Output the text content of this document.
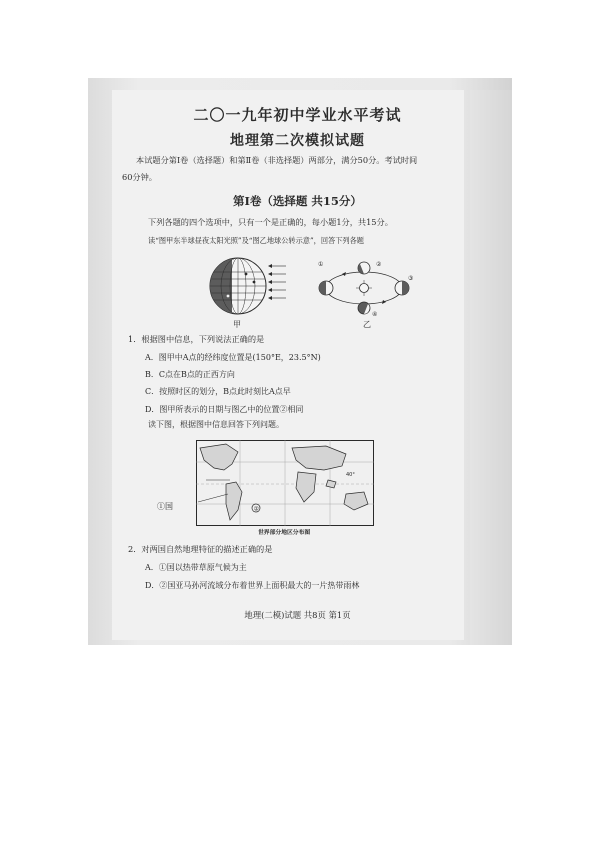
二〇一九年初中学业水平考试
地理第二次模拟试题
本试题分第Ⅰ卷（选择题）和第Ⅱ卷（非选择题）两部分，满分50分。考试时间
60分钟。
第Ⅰ卷（选择题 共15分）
下列各题的四个选项中，只有一个是正确的，每小题1分，共15分。
读“图甲东半球昼夜太阳光照”及“图乙地球公转示意”，回答下列各题
甲
①	②
③
④
乙
1．根据图中信息，下列说法正确的是
A．图甲中A点的经纬度位置是(150°E，23.5°N)
B．C点在B点的正西方向
C．按照时区的划分，B点此时刻比A点早
D．图甲所表示的日期与图乙中的位置②相同
读下图，根据图中信息回答下列问题。
②
40°
世界部分地区分布图
①国
2．对两国自然地理特征的描述正确的是
A．①国以热带草原气候为主
D．②国亚马孙河流域分布着世界上面积最大的一片热带雨林
地理(二模)试题 共8页 第1页
